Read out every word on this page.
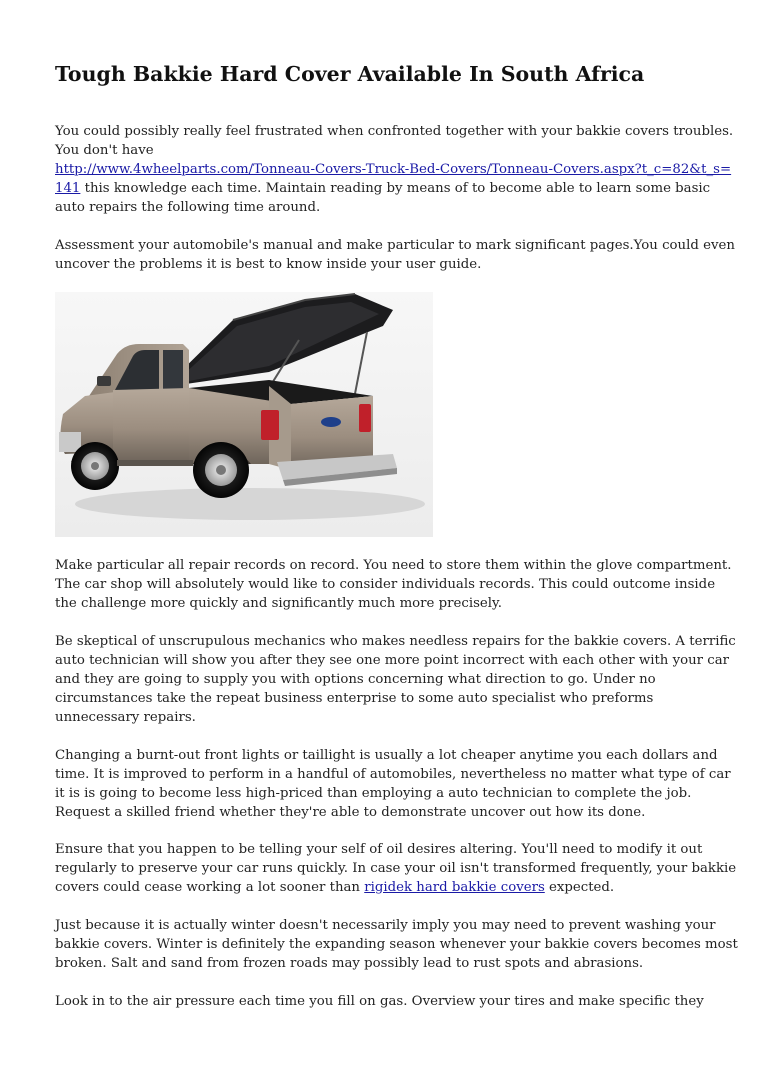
Tough Bakkie Hard Cover Available In South Africa
You could possibly really feel frustrated when confronted together with your bakkie covers troubles.
You don't have
http://www.4wheelparts.com/Tonneau-Covers-Truck-Bed-Covers/Tonneau-Covers.aspx?t_c=82&t_s=
141 this knowledge each time. Maintain reading by means of to become able to learn some basic
auto repairs the following time around.
Assessment your automobile's manual and make particular to mark significant pages.You could even
uncover the problems it is best to know inside your user guide.
Make particular all repair records on record. You need to store them within the glove compartment.
The car shop will absolutely would like to consider individuals records. This could outcome inside
the challenge more quickly and significantly much more precisely.
Be skeptical of unscrupulous mechanics who makes needless repairs for the bakkie covers. A terrific
auto technician will show you after they see one more point incorrect with each other with your car
and they are going to supply you with options concerning what direction to go. Under no
circumstances take the repeat business enterprise to some auto specialist who preforms
unnecessary repairs.
Changing a burnt-out front lights or taillight is usually a lot cheaper anytime you each dollars and
time. It is improved to perform in a handful of automobiles, nevertheless no matter what type of car
it is is going to become less high-priced than employing a auto technician to complete the job.
Request a skilled friend whether they're able to demonstrate uncover out how its done.
Ensure that you happen to be telling your self of oil desires altering. You'll need to modify it out
regularly to preserve your car runs quickly. In case your oil isn't transformed frequently, your bakkie
covers could cease working a lot sooner than rigidek hard bakkie covers expected.
Just because it is actually winter doesn't necessarily imply you may need to prevent washing your
bakkie covers. Winter is definitely the expanding season whenever your bakkie covers becomes most
broken. Salt and sand from frozen roads may possibly lead to rust spots and abrasions.
Look in to the air pressure each time you fill on gas. Overview your tires and make specific they
